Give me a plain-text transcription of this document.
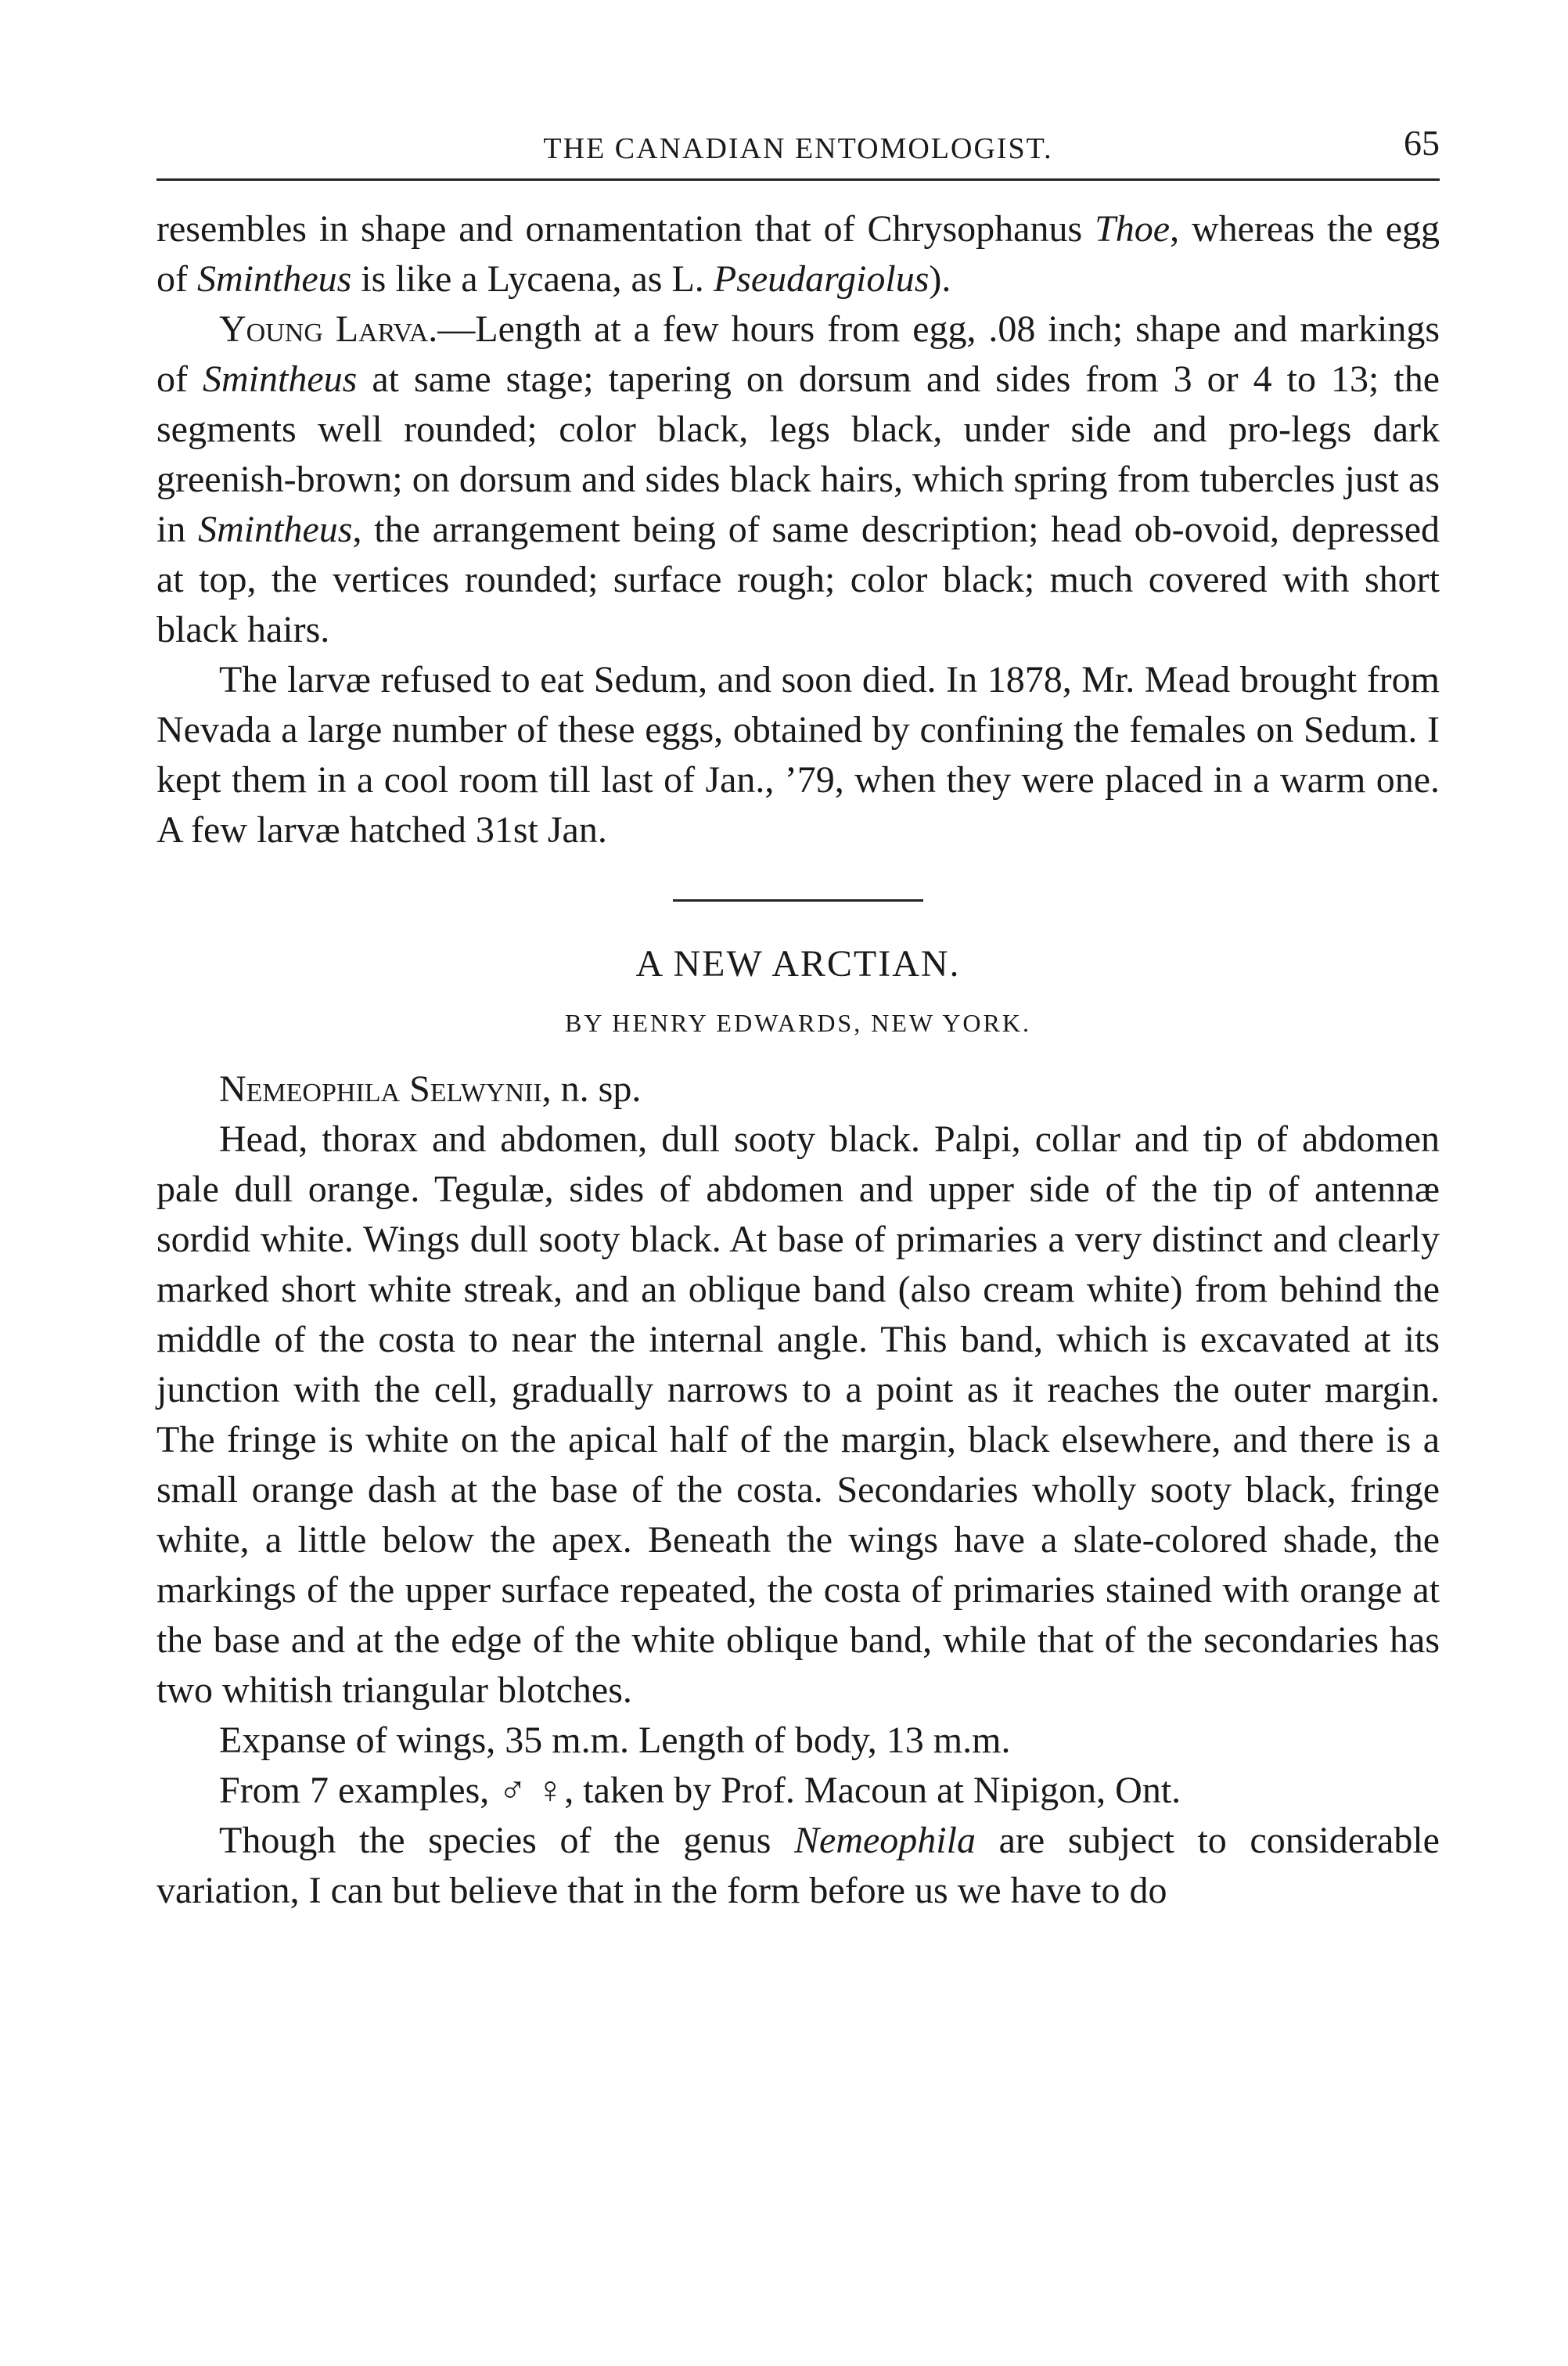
THE CANADIAN ENTOMOLOGIST.	65

resembles in shape and ornamentation that of Chrysophanus Thoe, whereas the egg of Smintheus is like a Lycaena, as L. Pseudargiolus).

Young Larva.—Length at a few hours from egg, .08 inch; shape and markings of Smintheus at same stage; tapering on dorsum and sides from 3 or 4 to 13; the segments well rounded; color black, legs black, under side and pro-legs dark greenish-brown; on dorsum and sides black hairs, which spring from tubercles just as in Smintheus, the arrangement being of same description; head ob-ovoid, depressed at top, the vertices rounded; surface rough; color black; much covered with short black hairs.

The larvæ refused to eat Sedum, and soon died. In 1878, Mr. Mead brought from Nevada a large number of these eggs, obtained by confining the females on Sedum. I kept them in a cool room till last of Jan., ’79, when they were placed in a warm one. A few larvæ hatched 31st Jan.

A NEW ARCTIAN.
BY HENRY EDWARDS, NEW YORK.

Nemeophila Selwynii, n. sp.

Head, thorax and abdomen, dull sooty black. Palpi, collar and tip of abdomen pale dull orange. Tegulæ, sides of abdomen and upper side of the tip of antennæ sordid white. Wings dull sooty black. At base of primaries a very distinct and clearly marked short white streak, and an oblique band (also cream white) from behind the middle of the costa to near the internal angle. This band, which is excavated at its junction with the cell, gradually narrows to a point as it reaches the outer margin. The fringe is white on the apical half of the margin, black elsewhere, and there is a small orange dash at the base of the costa. Secondaries wholly sooty black, fringe white, a little below the apex. Beneath the wings have a slate-colored shade, the markings of the upper surface repeated, the costa of primaries stained with orange at the base and at the edge of the white oblique band, while that of the secondaries has two whitish triangular blotches.

Expanse of wings, 35 m.m. Length of body, 13 m.m.

From 7 examples, ♂ ♀, taken by Prof. Macoun at Nipigon, Ont.

Though the species of the genus Nemeophila are subject to considerable variation, I can but believe that in the form before us we have to do
